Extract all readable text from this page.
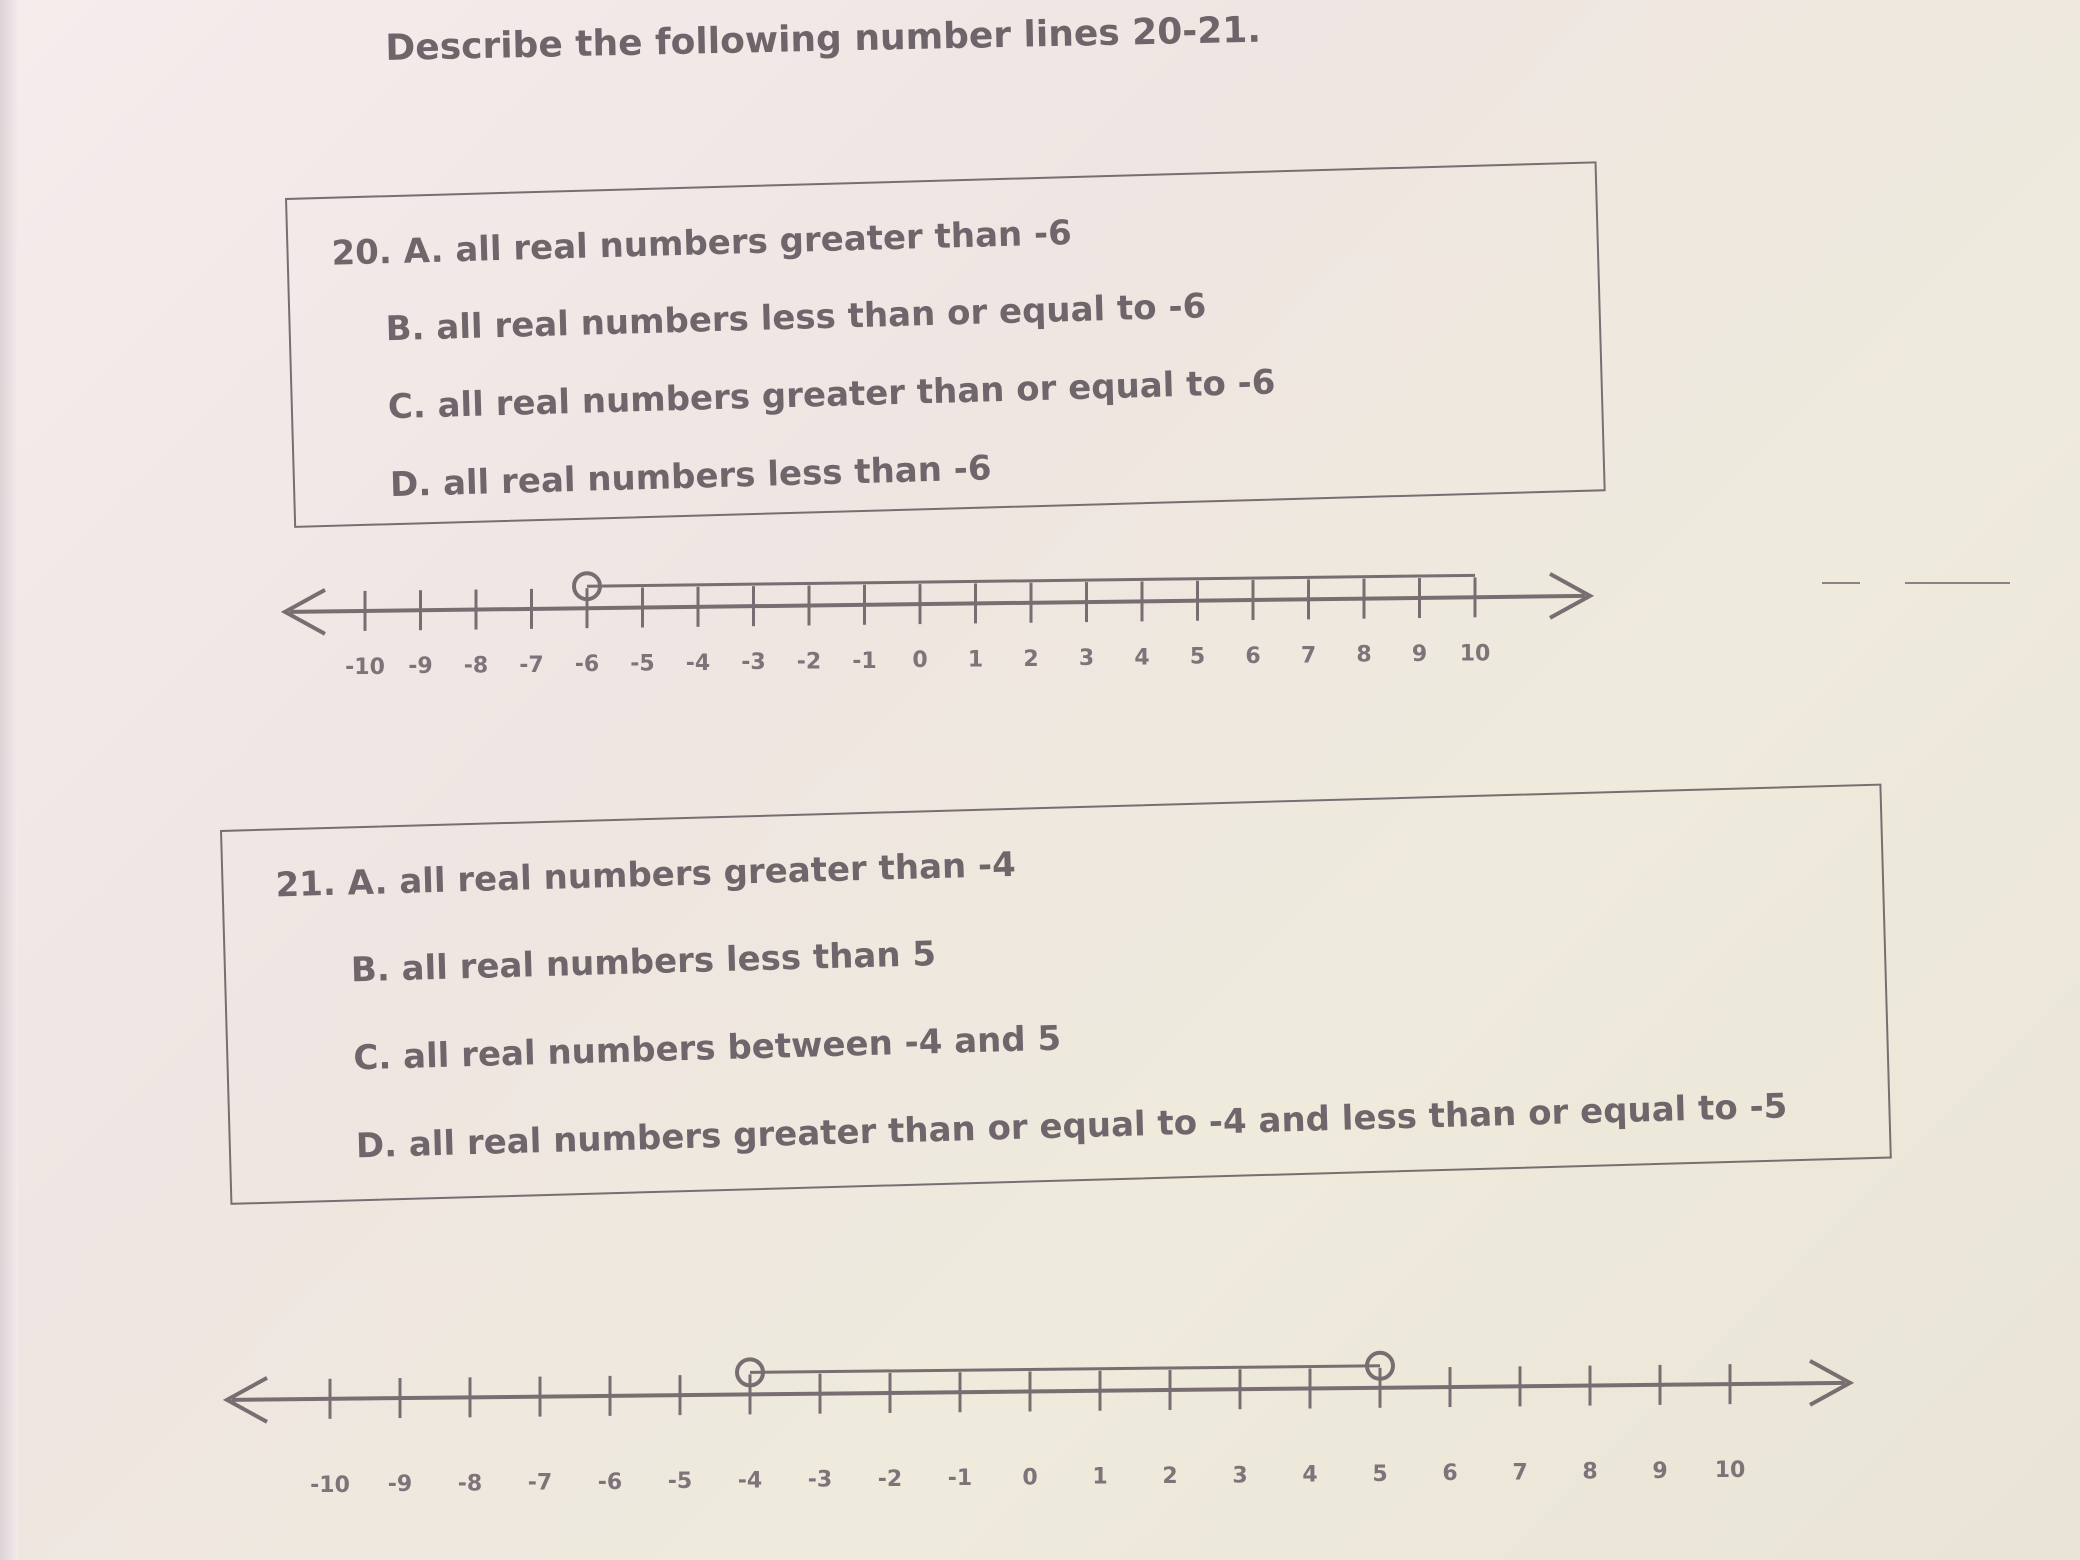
Describe the following number lines 20-21.
20. A. all real numbers greater than -6
B. all real numbers less than or equal to -6
C. all real numbers greater than or equal to -6
D. all real numbers less than -6
-10 -9 -8 -7 -6 -5 -4 -3 -2 -1 0 1 2 3 4 5 6 7 8 9 10
21. A. all real numbers greater than -4
B. all real numbers less than 5
C. all real numbers between -4 and 5
D. all real numbers greater than or equal to -4 and less than or equal to -5
-10 -9 -8 -7 -6 -5 -4 -3 -2 -1 0 1 2 3 4 5 6 7 8 9 10
